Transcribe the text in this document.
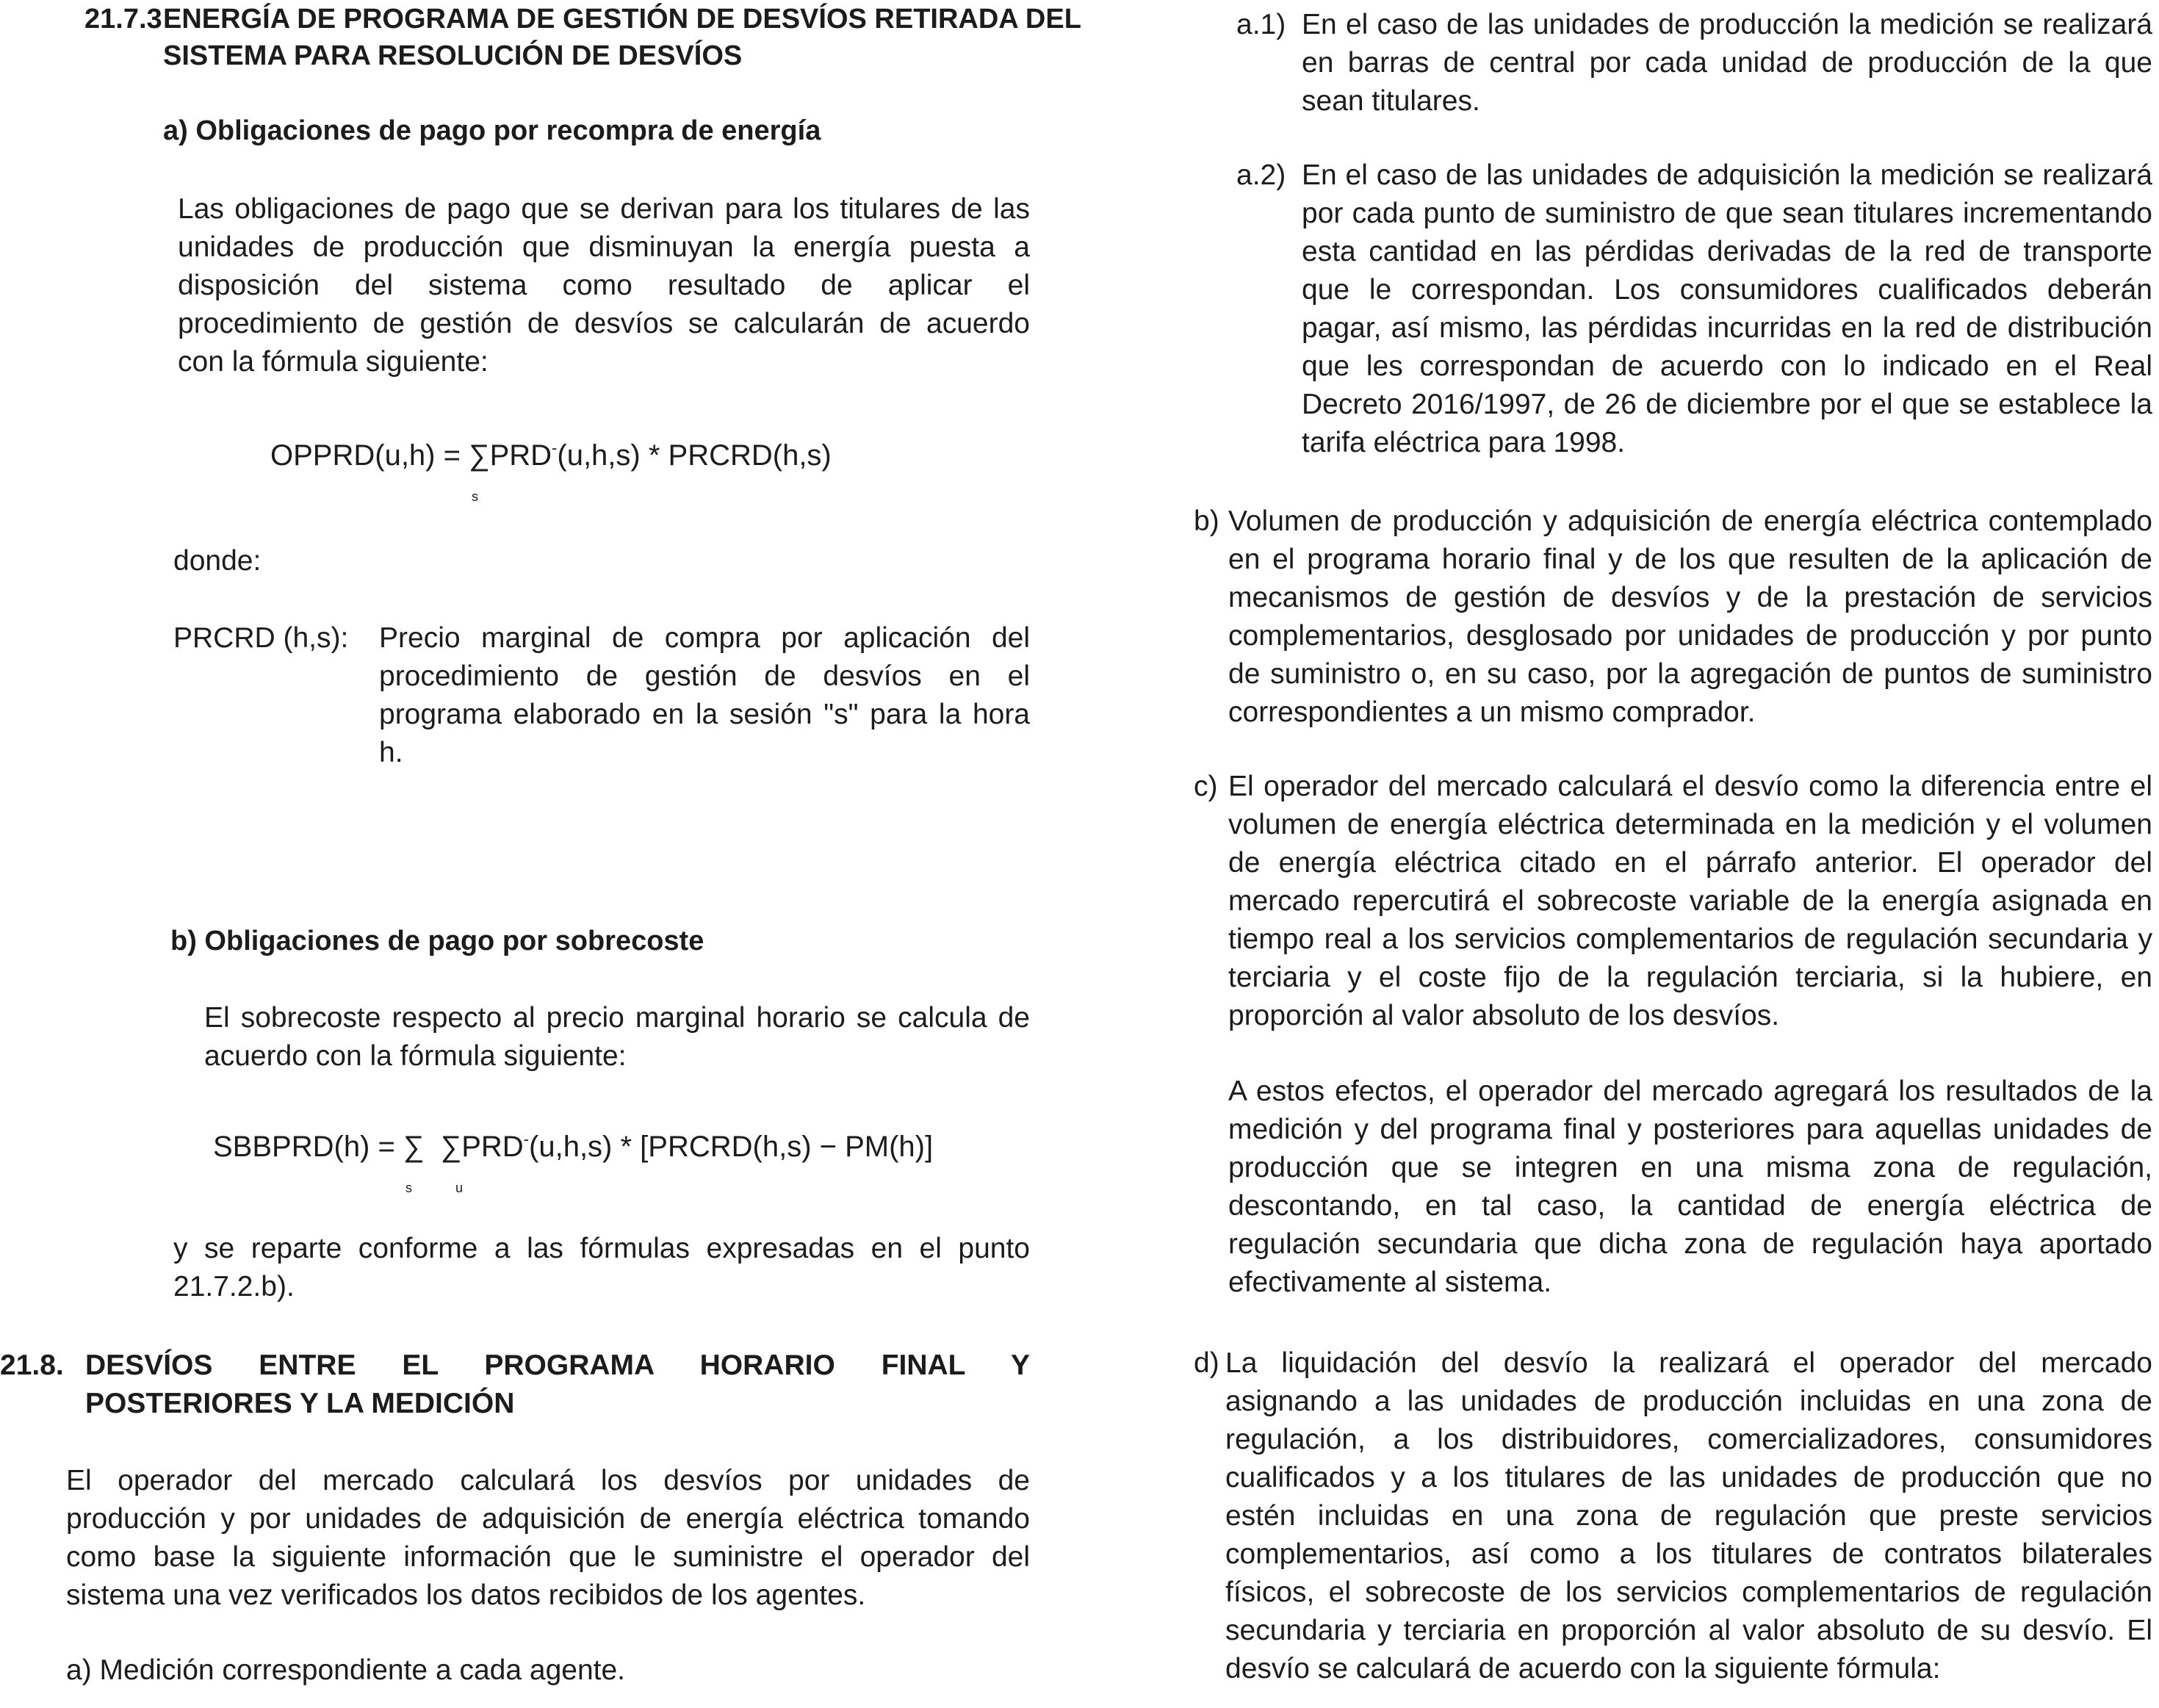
21.7.3 ENERGÍA DE PROGRAMA DE GESTIÓN DE DESVÍOS RETIRADA DEL
SISTEMA PARA RESOLUCIÓN DE DESVÍOS
a) Obligaciones de pago por recompra de energía
Las obligaciones de pago que se derivan para los titulares de las
unidades de producción que disminuyan la energía puesta a
disposición del sistema como resultado de aplicar el
procedimiento de gestión de desvíos se calcularán de acuerdo
con la fórmula siguiente:
OPPRD(u,h) = ∑PRD-(u,h,s) * PRCRD(h,s)
s
donde:
PRCRD (h,s): Precio marginal de compra por aplicación del
procedimiento de gestión de desvíos en el
programa elaborado en la sesión "s" para la hora
h.
b) Obligaciones de pago por sobrecoste
El sobrecoste respecto al precio marginal horario se calcula de
acuerdo con la fórmula siguiente:
SBBPRD(h) = ∑ ∑PRD-(u,h,s) * [PRCRD(h,s) − PM(h)]
s	u
y se reparte conforme a las fórmulas expresadas en el punto
21.7.2.b).
21.8. DESVÍOS ENTRE EL PROGRAMA HORARIO FINAL Y
POSTERIORES Y LA MEDICIÓN
El operador del mercado calculará los desvíos por unidades de
producción y por unidades de adquisición de energía eléctrica tomando
como base la siguiente información que le suministre el operador del
sistema una vez verificados los datos recibidos de los agentes.
a) Medición correspondiente a cada agente.
a.1) En el caso de las unidades de producción la medición se realizará
en barras de central por cada unidad de producción de la que
sean titulares.
a.2) En el caso de las unidades de adquisición la medición se realizará
por cada punto de suministro de que sean titulares incrementando
esta cantidad en las pérdidas derivadas de la red de transporte
que le correspondan. Los consumidores cualificados deberán
pagar, así mismo, las pérdidas incurridas en la red de distribución
que les correspondan de acuerdo con lo indicado en el Real
Decreto 2016/1997, de 26 de diciembre por el que se establece la
tarifa eléctrica para 1998.
b) Volumen de producción y adquisición de energía eléctrica contemplado
en el programa horario final y de los que resulten de la aplicación de
mecanismos de gestión de desvíos y de la prestación de servicios
complementarios, desglosado por unidades de producción y por punto
de suministro o, en su caso, por la agregación de puntos de suministro
correspondientes a un mismo comprador.
c) El operador del mercado calculará el desvío como la diferencia entre el
volumen de energía eléctrica determinada en la medición y el volumen
de energía eléctrica citado en el párrafo anterior. El operador del
mercado repercutirá el sobrecoste variable de la energía asignada en
tiempo real a los servicios complementarios de regulación secundaria y
terciaria y el coste fijo de la regulación terciaria, si la hubiere, en
proporción al valor absoluto de los desvíos.
A estos efectos, el operador del mercado agregará los resultados de la
medición y del programa final y posteriores para aquellas unidades de
producción que se integren en una misma zona de regulación,
descontando, en tal caso, la cantidad de energía eléctrica de
regulación secundaria que dicha zona de regulación haya aportado
efectivamente al sistema.
d) La liquidación del desvío la realizará el operador del mercado
asignando a las unidades de producción incluidas en una zona de
regulación, a los distribuidores, comercializadores, consumidores
cualificados y a los titulares de las unidades de producción que no
estén incluidas en una zona de regulación que preste servicios
complementarios, así como a los titulares de contratos bilaterales
físicos, el sobrecoste de los servicios complementarios de regulación
secundaria y terciaria en proporción al valor absoluto de su desvío. El
desvío se calculará de acuerdo con la siguiente fórmula:
